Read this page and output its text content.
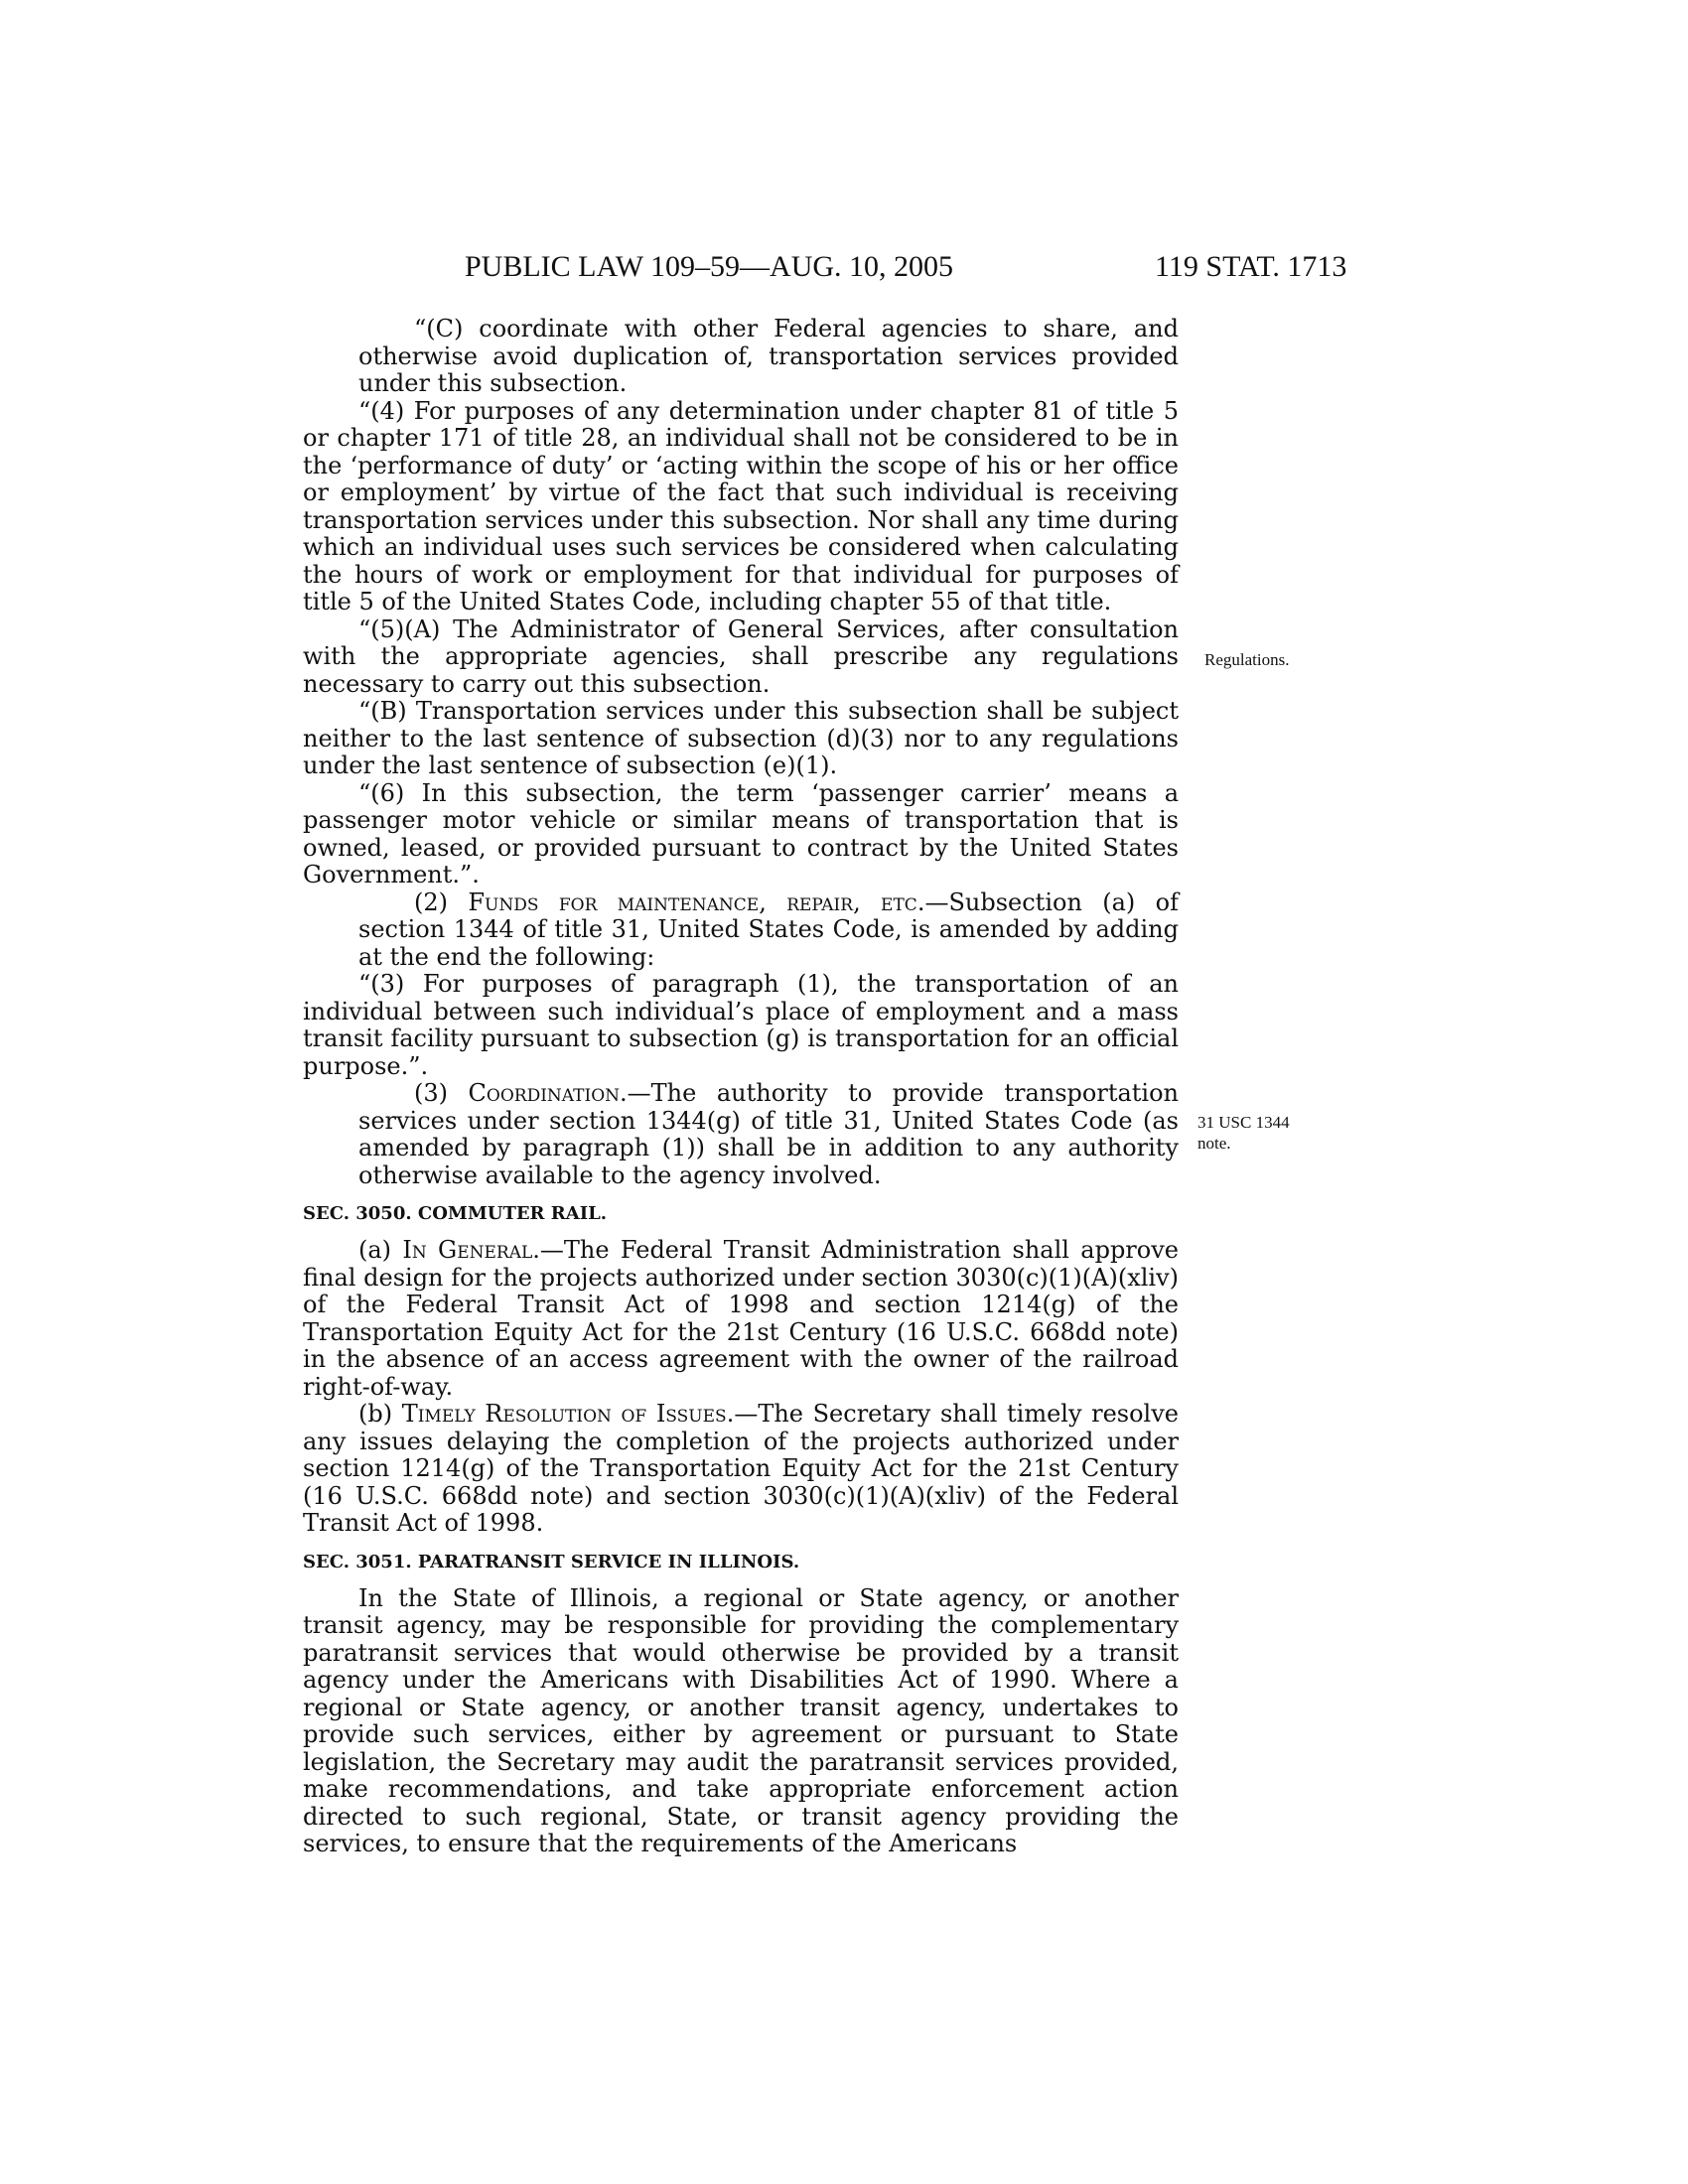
PUBLIC LAW 109–59—AUG. 10, 2005	119 STAT. 1713

“(C) coordinate with other Federal agencies to share, and otherwise avoid duplication of, transportation services provided under this subsection.

“(4) For purposes of any determination under chapter 81 of title 5 or chapter 171 of title 28, an individual shall not be considered to be in the ‘performance of duty’ or ‘acting within the scope of his or her office or employment’ by virtue of the fact that such individual is receiving transportation services under this subsection. Nor shall any time during which an individual uses such services be considered when calculating the hours of work or employment for that individual for purposes of title 5 of the United States Code, including chapter 55 of that title.

“(5)(A) The Administrator of General Services, after consultation with the appropriate agencies, shall prescribe any regulations necessary to carry out this subsection.

“(B) Transportation services under this subsection shall be subject neither to the last sentence of subsection (d)(3) nor to any regulations under the last sentence of subsection (e)(1).

“(6) In this subsection, the term ‘passenger carrier’ means a passenger motor vehicle or similar means of transportation that is owned, leased, or provided pursuant to contract by the United States Government.”.

(2) Funds for maintenance, repair, etc.—Subsection (a) of section 1344 of title 31, United States Code, is amended by adding at the end the following:

“(3) For purposes of paragraph (1), the transportation of an individual between such individual’s place of employment and a mass transit facility pursuant to subsection (g) is transportation for an official purpose.”.

(3) Coordination.—The authority to provide transportation services under section 1344(g) of title 31, United States Code (as amended by paragraph (1)) shall be in addition to any authority otherwise available to the agency involved.

SEC. 3050. COMMUTER RAIL.

(a) In General.—The Federal Transit Administration shall approve final design for the projects authorized under section 3030(c)(1)(A)(xliv) of the Federal Transit Act of 1998 and section 1214(g) of the Transportation Equity Act for the 21st Century (16 U.S.C. 668dd note) in the absence of an access agreement with the owner of the railroad right-of-way.

(b) Timely Resolution of Issues.—The Secretary shall timely resolve any issues delaying the completion of the projects authorized under section 1214(g) of the Transportation Equity Act for the 21st Century (16 U.S.C. 668dd note) and section 3030(c)(1)(A)(xliv) of the Federal Transit Act of 1998.

SEC. 3051. PARATRANSIT SERVICE IN ILLINOIS.

In the State of Illinois, a regional or State agency, or another transit agency, may be responsible for providing the complementary paratransit services that would otherwise be provided by a transit agency under the Americans with Disabilities Act of 1990. Where a regional or State agency, or another transit agency, undertakes to provide such services, either by agreement or pursuant to State legislation, the Secretary may audit the paratransit services provided, make recommendations, and take appropriate enforcement action directed to such regional, State, or transit agency providing the services, to ensure that the requirements of the Americans

Regulations.
31 USC 1344
note.
